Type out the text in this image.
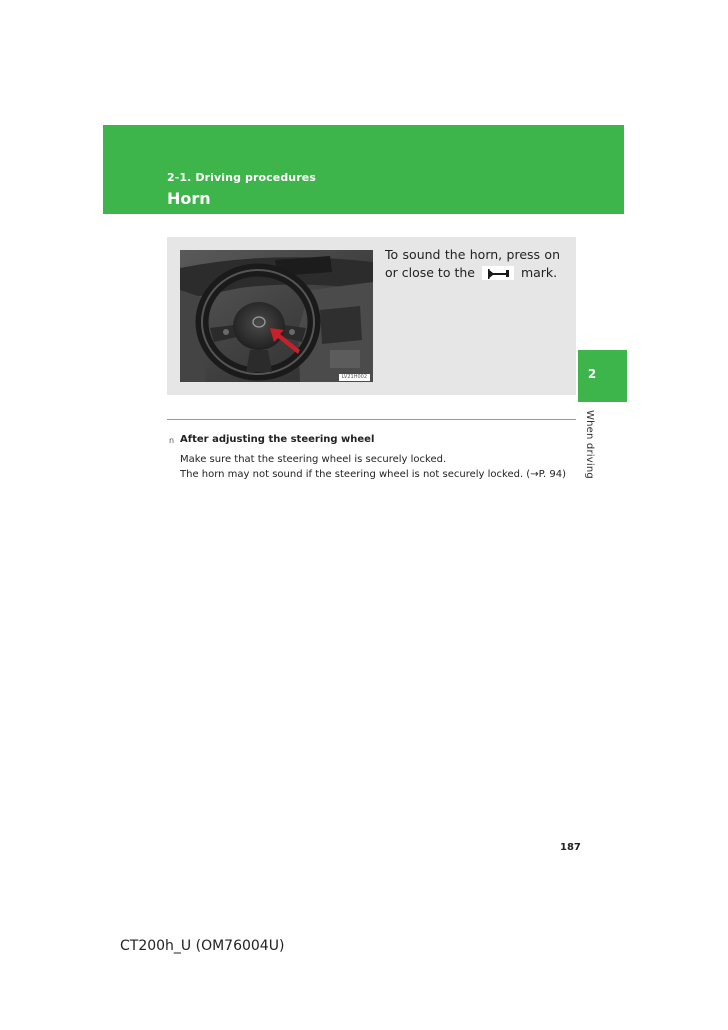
2-1. Driving procedures
Horn
LV21H002
To sound the horn, press on or close to the	mark.
2
When driving
n After adjusting the steering wheel
Make sure that the steering wheel is securely locked.
The horn may not sound if the steering wheel is not securely locked. (→P. 94)
187
CT200h_U (OM76004U)
